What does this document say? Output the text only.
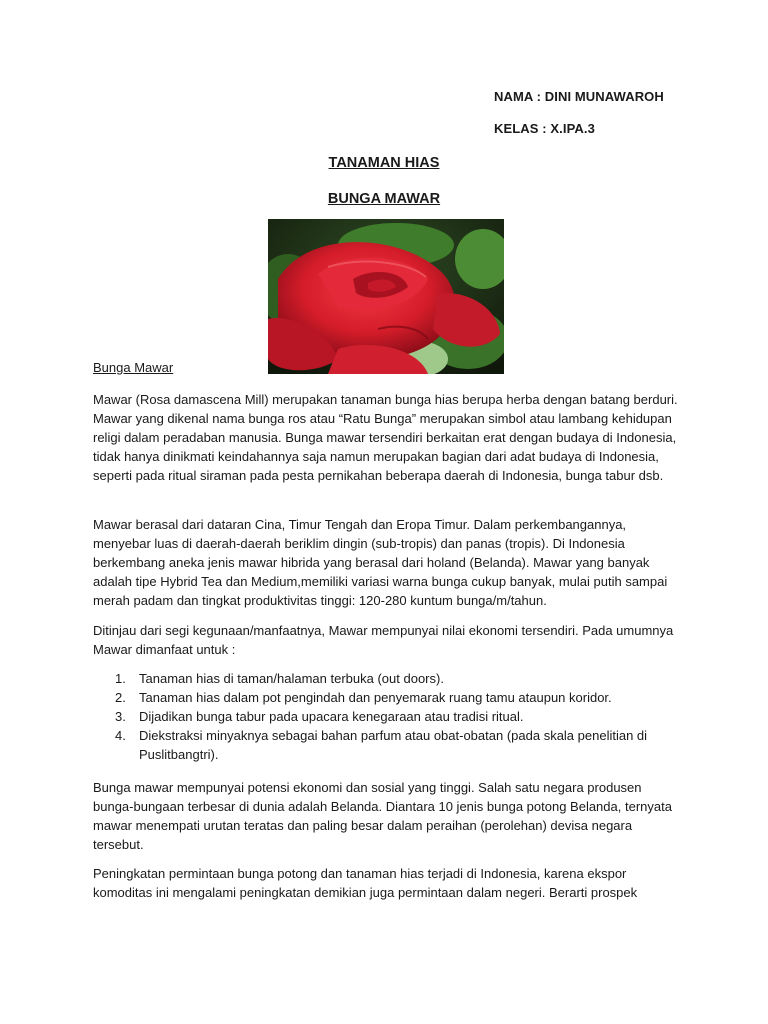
NAMA : DINI MUNAWAROH
KELAS : X.IPA.3
TANAMAN HIAS
BUNGA MAWAR
Bunga Mawar

Mawar (Rosa damascena Mill) merupakan tanaman bunga hias berupa herba dengan batang berduri. Mawar yang dikenal nama bunga ros atau “Ratu Bunga” merupakan simbol atau lambang kehidupan religi dalam peradaban manusia. Bunga mawar tersendiri berkaitan erat dengan budaya di Indonesia, tidak hanya dinikmati keindahannya saja namun merupakan bagian dari adat budaya di Indonesia, seperti pada ritual siraman pada pesta pernikahan beberapa daerah di Indonesia, bunga tabur dsb.

Mawar berasal dari dataran Cina, Timur Tengah dan Eropa Timur. Dalam perkembangannya, menyebar luas di daerah-daerah beriklim dingin (sub-tropis) dan panas (tropis). Di Indonesia berkembang aneka jenis mawar hibrida yang berasal dari holand (Belanda). Mawar yang banyak adalah tipe Hybrid Tea dan Medium,memiliki variasi warna bunga cukup banyak, mulai putih sampai merah padam dan tingkat produktivitas tinggi: 120-280 kuntum bunga/m/tahun.

Ditinjau dari segi kegunaan/manfaatnya, Mawar mempunyai nilai ekonomi tersendiri. Pada umumnya Mawar dimanfaat untuk :

1. Tanaman hias di taman/halaman terbuka (out doors).
2. Tanaman hias dalam pot pengindah dan penyemarak ruang tamu ataupun koridor.
3. Dijadikan bunga tabur pada upacara kenegaraan atau tradisi ritual.
4. Diekstraksi minyaknya sebagai bahan parfum atau obat-obatan (pada skala penelitian di Puslitbangtri).

Bunga mawar mempunyai potensi ekonomi dan sosial yang tinggi. Salah satu negara produsen bunga-bungaan terbesar di dunia adalah Belanda. Diantara 10 jenis bunga potong Belanda, ternyata mawar menempati urutan teratas dan paling besar dalam peraihan (perolehan) devisa negara tersebut.

Peningkatan permintaan bunga potong dan tanaman hias terjadi di Indonesia, karena ekspor komoditas ini mengalami peningkatan demikian juga permintaan dalam negeri. Berarti prospek
